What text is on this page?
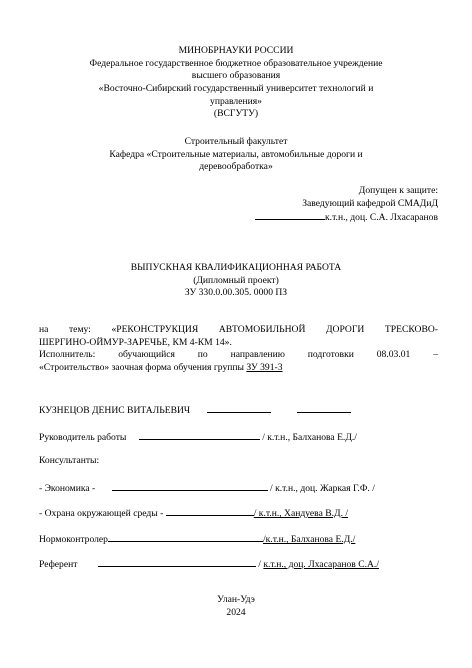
МИНОБРНАУКИ РОССИИ
Федеральное государственное бюджетное образовательное учреждение
высшего образования
«Восточно-Сибирский государственный университет технологий и
управления»
(ВСГУТУ)
Строительный факультет
Кафедра «Строительные материалы, автомобильные дороги и
деревообработка»
Допущен к защите:
Заведующий кафедрой СМАДиД
к.т.н., доц. С.А. Лхасаранов
ВЫПУСКНАЯ КВАЛИФИКАЦИОННАЯ РАБОТА
(Дипломный проект)
ЗУ 330.0.00.305. 0000 ПЗ
на тему: «РЕКОНСТРУКЦИЯ АВТОМОБИЛЬНОЙ ДОРОГИ ТРЕСКОВО-
ШЕРГИНО-ОЙМУР-ЗАРЕЧЬЕ, КМ 4-КМ 14».
Исполнитель: обучающийся по направлению подготовки 08.03.01 –
«Строительство» заочная форма обучения группы ЗУ 391-3
КУЗНЕЦОВ ДЕНИС ВИТАЛЬЕВИЧ
Руководитель работы	/ к.т.н., Балханова Е.Д./
Консультанты:
- Экономика -	/ к.т.н., доц. Жаркая Г.Ф. /
- Охрана окружающей среды -	/ к.т.н., Хандуева В.Д. /
Нормоконтролер	/к.т.н., Балханова Е.Д./
Референт	/ к.т.н., доц. Лхасаранов С.А./
Улан-Удэ
2024
